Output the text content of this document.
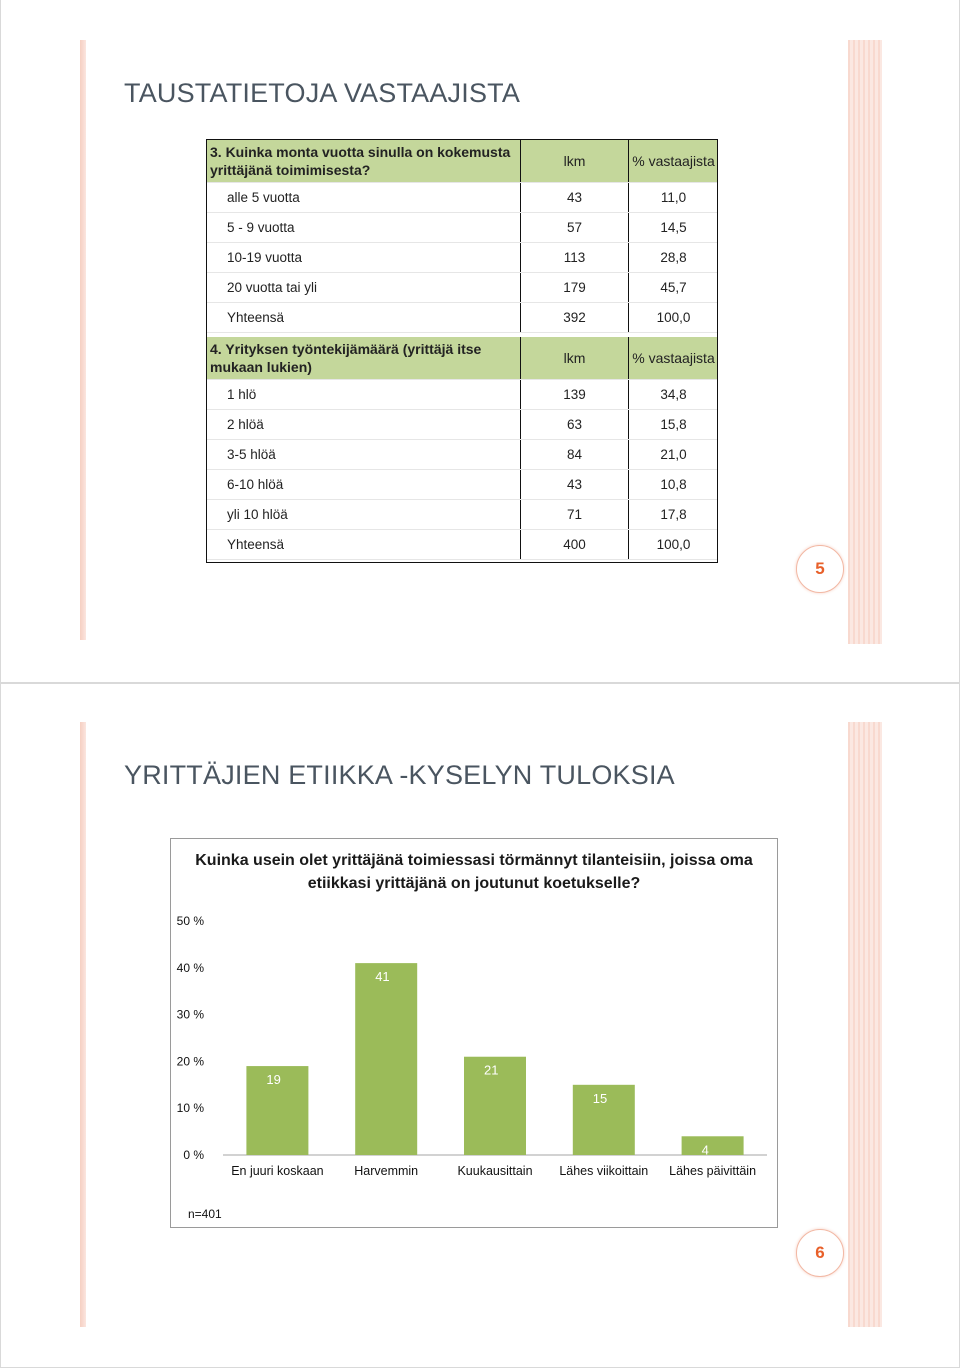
TAUSTATIETOJA VASTAAJISTA
3. Kuinka monta vuotta sinulla on kokemusta yrittäjänä toimimisesta?	lkm	% vastaajista
alle 5 vuotta	43	11,0
5 - 9 vuotta	57	14,5
10-19 vuotta	113	28,8
20 vuotta tai yli	179	45,7
Yhteensä	392	100,0
4. Yrityksen työntekijämäärä (yrittäjä itse mukaan lukien)	lkm	% vastaajista
1 hlö	139	34,8
2 hlöä	63	15,8
3-5 hlöä	84	21,0
6-10 hlöä	43	10,8
yli 10 hlöä	71	17,8
Yhteensä	400	100,0
5
YRITTÄJIEN ETIIKKA -KYSELYN TULOKSIA
Kuinka usein olet yrittäjänä toimiessasi törmännyt tilanteisiin, joissa oma etiikkasi yrittäjänä on joutunut koetukselle?
0 %
10 %
20 %
30 %
40 %
50 %
19
En juuri koskaan
41
Harvemmin
21
Kuukausittain
15
Lähes viikoittain
4
Lähes päivittäin
n=401
6
